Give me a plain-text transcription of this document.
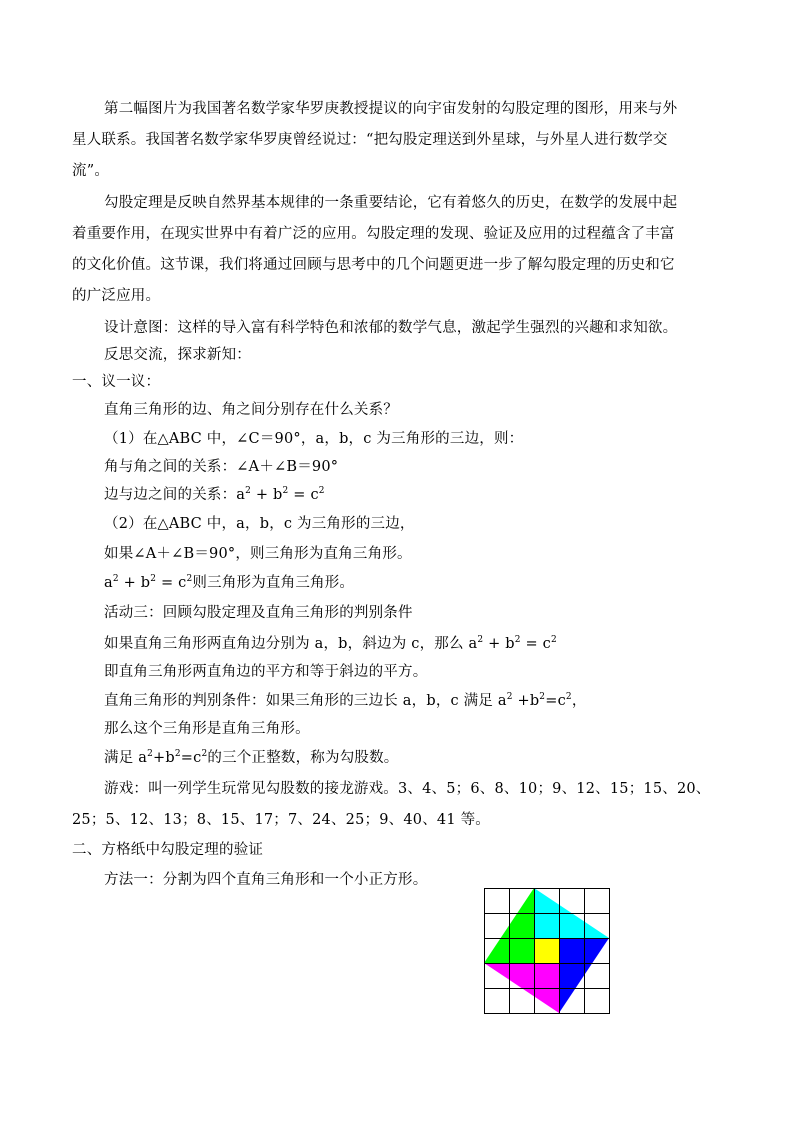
第二幅图片为我国著名数学家华罗庚教授提议的向宇宙发射的勾股定理的图形，用来与外
星人联系。我国著名数学家华罗庚曾经说过：“把勾股定理送到外星球，与外星人进行数学交
流”。
勾股定理是反映自然界基本规律的一条重要结论，它有着悠久的历史，在数学的发展中起
着重要作用，在现实世界中有着广泛的应用。勾股定理的发现、验证及应用的过程蕴含了丰富
的文化价值。这节课，我们将通过回顾与思考中的几个问题更进一步了解勾股定理的历史和它
的广泛应用。
设计意图：这样的导入富有科学特色和浓郁的数学气息，激起学生强烈的兴趣和求知欲。
反思交流，探求新知：
一、议一议：
直角三角形的边、角之间分别存在什么关系？
（1）在△ABC 中，∠C＝90°，a，b，c 为三角形的三边，则：
角与角之间的关系：∠A＋∠B＝90°
边与边之间的关系：$a^2 + b^2 = c^2$
（2）在△ABC 中，a，b，c 为三角形的三边，
如果∠A＋∠B＝90°，则三角形为直角三角形。
$a^2 + b^2 = c^2$则三角形为直角三角形。
活动三：回顾勾股定理及直角三角形的判别条件
如果直角三角形两直角边分别为 a，b，斜边为 c，那么 $a^2 + b^2 = c^2$
即直角三角形两直角边的平方和等于斜边的平方。
直角三角形的判别条件：如果三角形的三边长 a，b，c 满足 $a^2 +b^2=c^2$，
那么这个三角形是直角三角形。
满足 $a^2+b^2=c^2$的三个正整数，称为勾股数。
游戏：叫一列学生玩常见勾股数的接龙游戏。3、4、5；6、8、10；9、12、15；15、20、
25；5、12、13；8、15、17；7、24、25；9、40、41 等。
二、方格纸中勾股定理的验证
方法一：分割为四个直角三角形和一个小正方形。
